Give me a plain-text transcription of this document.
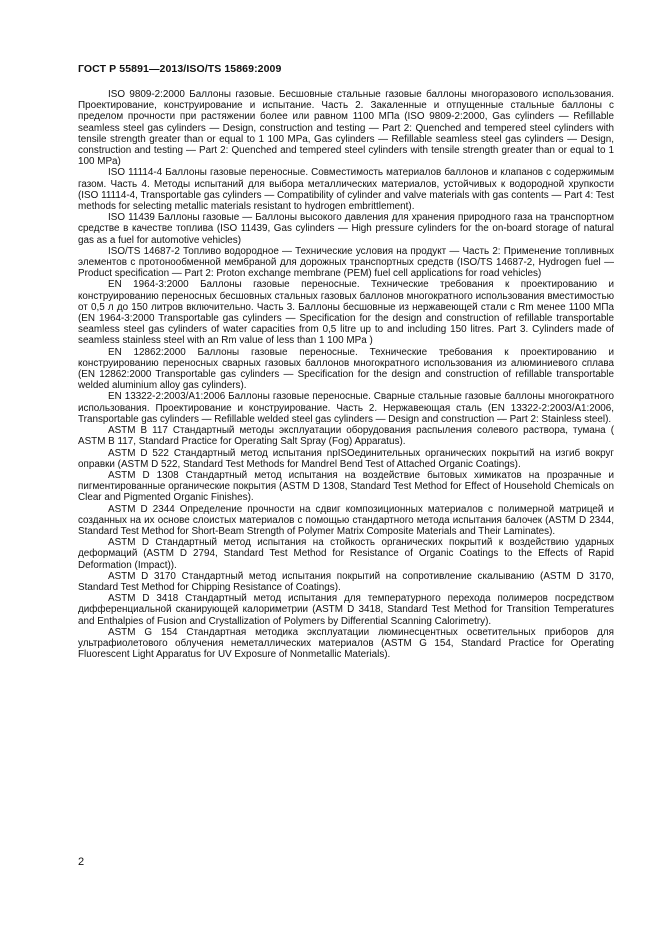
ГОСТ Р 55891—2013/ISO/TS 15869:2009

ISO 9809-2:2000 Баллоны газовые. Бесшовные стальные газовые баллоны многоразового использования. Проектирование, конструирование и испытание. Часть 2. Закаленные и отпущенные стальные баллоны с пределом прочности при растяжении более или равном 1100 МПа (ISO 9809-2:2000, Gas cylinders — Refillable seamless steel gas cylinders — Design, construction and testing — Part 2: Quenched and tempered steel cylinders with tensile strength greater than or equal to 1 100 MPa, Gas cylinders — Refillable seamless steel gas cylinders — Design, construction and testing — Part 2: Quenched and tempered steel cylinders with tensile strength greater than or equal to 1 100 MPa)

ISO 11114-4 Баллоны газовые переносные. Совместимость материалов баллонов и клапанов с содержимым газом. Часть 4. Методы испытаний для выбора металлических материалов, устойчивых к водородной хрупкости (ISO 11114-4, Transportable gas cylinders — Compatibility of cylinder and valve materials with gas contents — Part 4: Test methods for selecting metallic materials resistant to hydrogen embrittlement).

ISO 11439 Баллоны газовые — Баллоны высокого давления для хранения природного газа на транспортном средстве в качестве топлива (ISO 11439, Gas cylinders — High pressure cylinders for the on-board storage of natural gas as a fuel for automotive vehicles)

ISO/TS 14687-2 Топливо водородное — Технические условия на продукт — Часть 2: Применение топливных элементов с протонообменной мембраной для дорожных транспортных средств (ISO/TS 14687-2, Hydrogen fuel — Product specification — Part 2: Proton exchange membrane (PEM) fuel cell applications for road vehicles)

EN 1964-3:2000 Баллоны газовые переносные. Технические требования к проектированию и конструированию переносных бесшовных стальных газовых баллонов многократного использования вместимостью от 0,5 л до 150 литров включительно. Часть 3. Баллоны бесшовные из нержавеющей стали с Rm менее 1100 МПа (EN 1964-3:2000 Transportable gas cylinders — Specification for the design and construction of refillable transportable seamless steel gas cylinders of water capacities from 0,5 litre up to and including 150 litres. Part 3. Cylinders made of seamless stainless steel with an Rm value of less than 1 100 MPa )

EN 12862:2000 Баллоны газовые переносные. Технические требования к проектированию и конструированию переносных сварных газовых баллонов многократного использования из алюминиевого сплава (EN 12862:2000 Transportable gas cylinders — Specification for the design and construction of refillable transportable welded aluminium alloy gas cylinders).

EN 13322-2:2003/A1:2006 Баллоны газовые переносные. Сварные стальные газовые баллоны многократного использования. Проектирование и конструирование. Часть 2. Нержавеющая сталь (EN 13322-2:2003/A1:2006, Transportable gas cylinders — Refillable welded steel gas cylinders — Design and construction — Part 2: Stainless steel).

ASTM B 117 Стандартный методы эксплуатации оборудования распыления солевого раствора, тумана ( ASTM B 117, Standard Practice for Operating Salt Spray (Fog) Apparatus).

ASTM D 522 Стандартный метод испытания npISOединительных органических покрытий на изгиб вокруг оправки (ASTM D 522, Standard Test Methods for Mandrel Bend Test of Attached Organic Coatings).

ASTM D 1308 Стандартный метод испытания на воздействие бытовых химикатов на прозрачные и пигментированные органические покрытия (ASTM D 1308, Standard Test Method for Effect of Household Chemicals on Clear and Pigmented Organic Finishes).

ASTM D 2344 Определение прочности на сдвиг композиционных материалов с полимерной матрицей и созданных на их основе слоистых материалов с помощью стандартного метода испытания балочек (ASTM D 2344, Standard Test Method for Short-Beam Strength of Polymer Matrix Composite Materials and Their Laminates).

ASTM D Стандартный метод испытания на стойкость органических покрытий к воздействию ударных деформаций (ASTM D 2794, Standard Test Method for Resistance of Organic Coatings to the Effects of Rapid Deformation (Impact)).

ASTM D 3170 Стандартный метод испытания покрытий на сопротивление скалыванию (ASTM D 3170, Standard Test Method for Chipping Resistance of Coatings).

ASTM D 3418 Стандартный метод испытания для температурного перехода полимеров посредством дифференциальной сканирующей калориметрии (ASTM D 3418, Standard Test Method for Transition Temperatures and Enthalpies of Fusion and Crystallization of Polymers by Differential Scanning Calorimetry).

ASTM G 154 Стандартная методика эксплуатации люминесцентных осветительных приборов для ультрафиолетового облучения неметаллических материалов (ASTM G 154, Standard Practice for Operating Fluorescent Light Apparatus for UV Exposure of Nonmetallic Materials).

2
